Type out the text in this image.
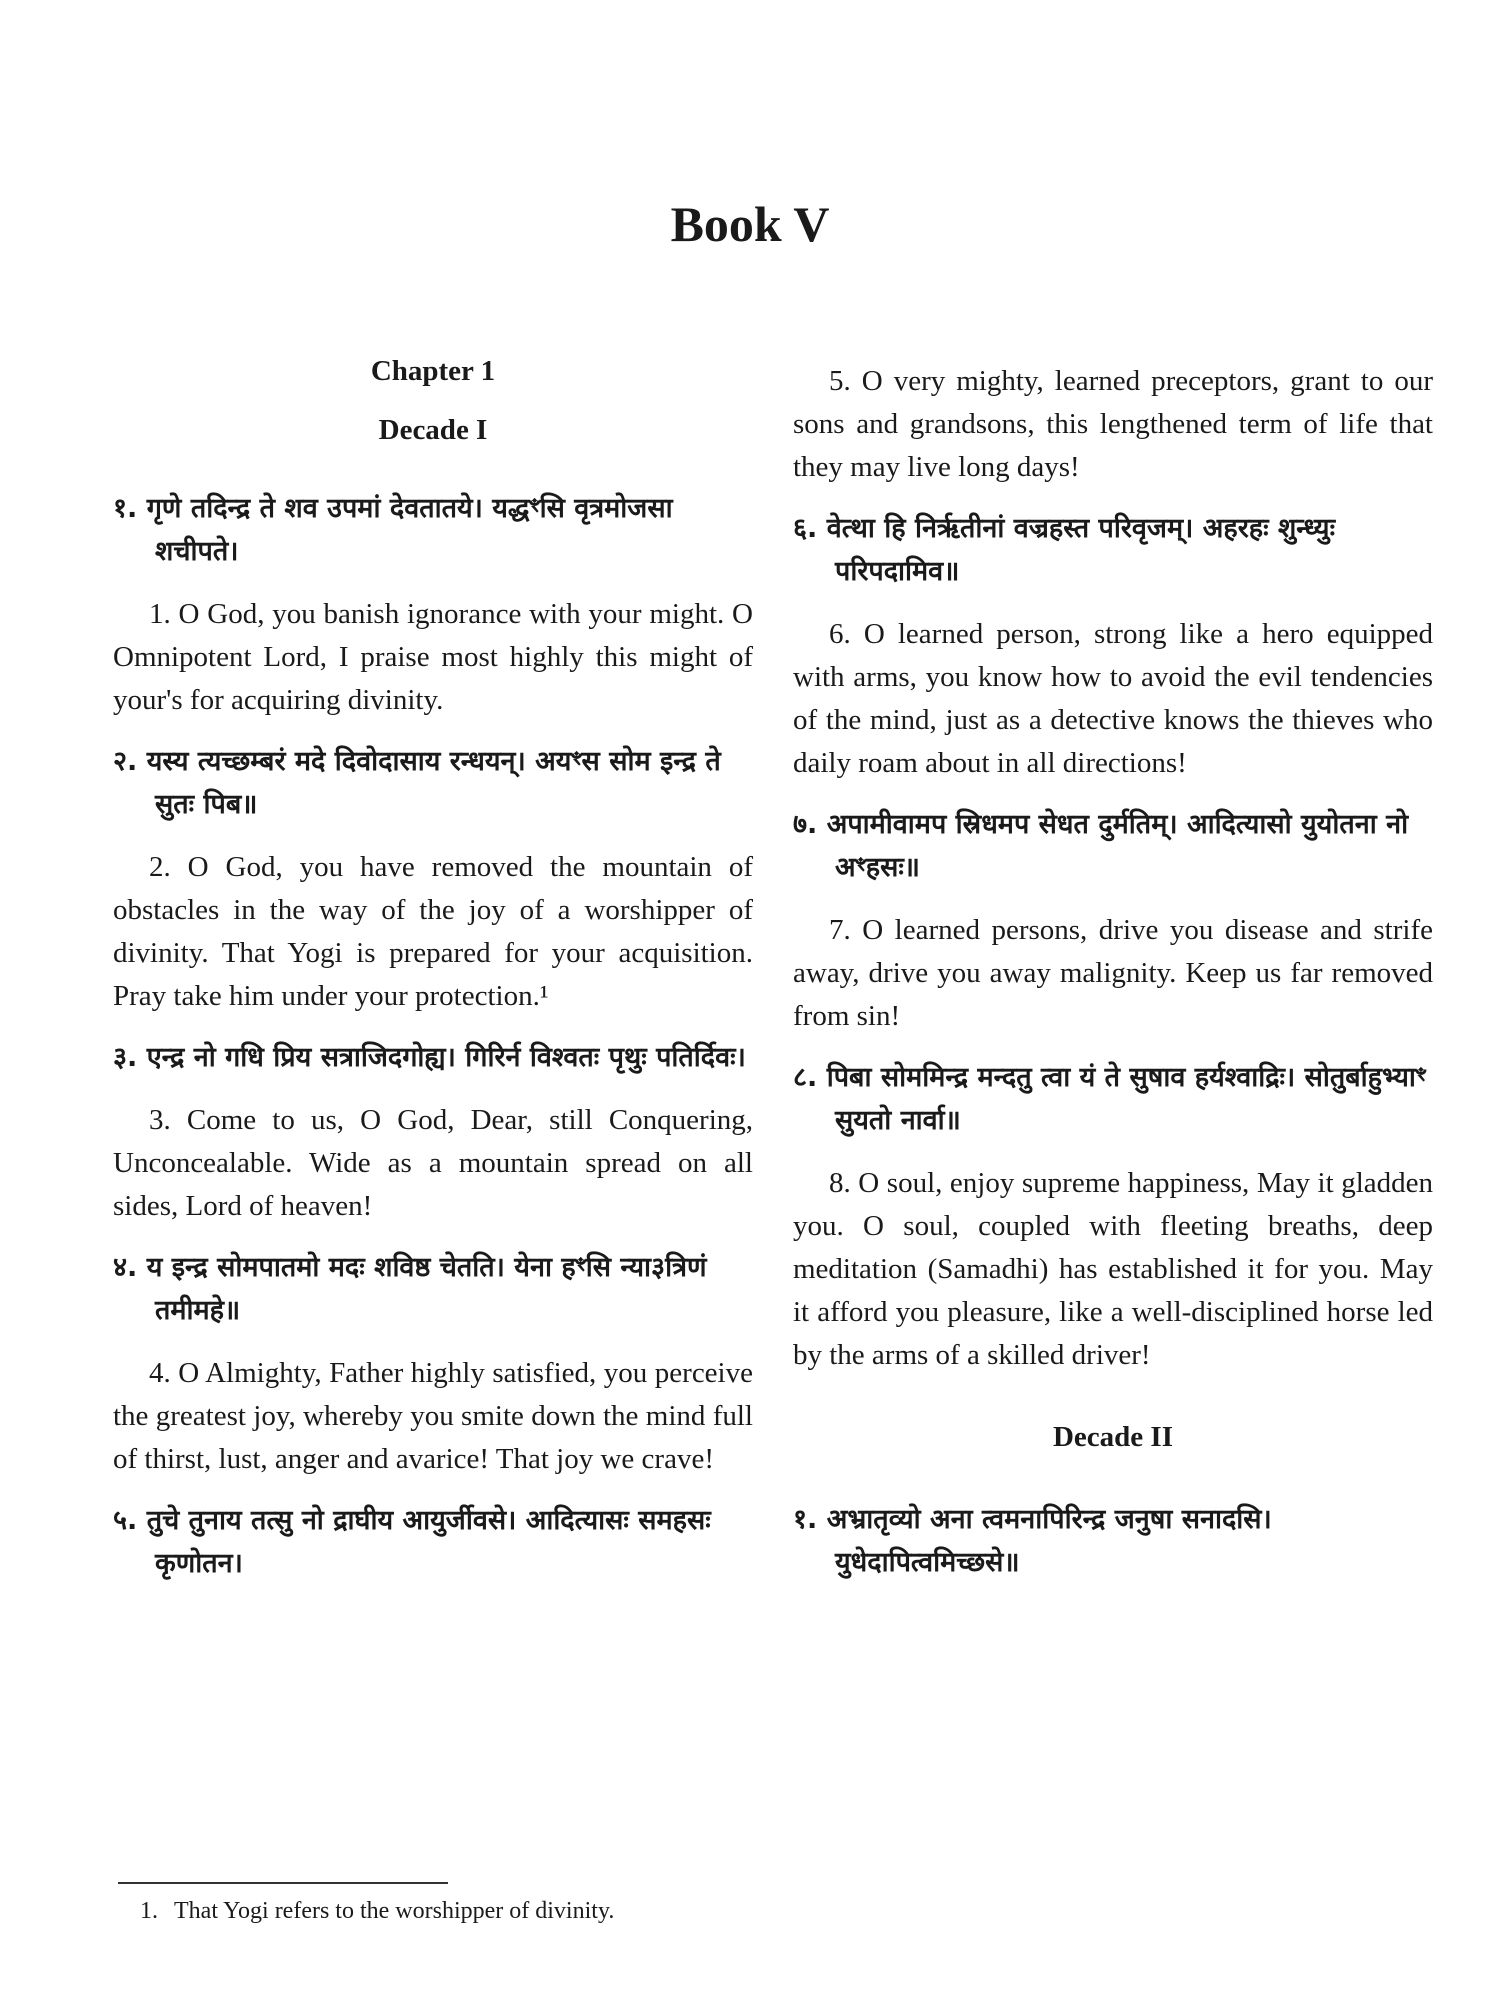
Book V
Chapter 1
Decade I

१. गृणे तदिन्द्र ते शव उपमां देवतातये। यद्धꣳसि वृत्रमोजसा शचीपते।

1. O God, you banish ignorance with your might. O Omnipotent Lord, I praise most highly this might of your's for acquiring divinity.

२. यस्य त्यच्छम्बरं मदे दिवोदासाय रन्धयन्। अयꣳस सोम इन्द्र ते सुतः पिब॥

2. O God, you have removed the mountain of obstacles in the way of the joy of a worshipper of divinity. That Yogi is prepared for your acquisition. Pray take him under your protection.¹

३. एन्द्र नो गधि प्रिय सत्राजिदगोह्य। गिरिर्न विश्वतः पृथुः पतिर्दिवः।

3. Come to us, O God, Dear, still Conquering, Unconcealable. Wide as a mountain spread on all sides, Lord of heaven!

४. य इन्द्र सोमपातमो मदः शविष्ठ चेतति। येना हꣳसि न्या३त्रिणं तमीमहे॥

4. O Almighty, Father highly satisfied, you perceive the greatest joy, whereby you smite down the mind full of thirst, lust, anger and avarice! That joy we crave!

५. तुचे तुनाय तत्सु नो द्राघीय आयुर्जीवसे। आदित्यासः समहसः कृणोतन।

5. O very mighty, learned preceptors, grant to our sons and grandsons, this lengthened term of life that they may live long days!

६. वेत्था हि निर्ऋतीनां वज्रहस्त परिवृजम्। अहरहः शुन्ध्युः परिपदामिव॥

6. O learned person, strong like a hero equipped with arms, you know how to avoid the evil tendencies of the mind, just as a detective knows the thieves who daily roam about in all directions!

७. अपामीवामप स्रिधमप सेधत दुर्मतिम्। आदित्यासो युयोतना नो अꣳहसः॥

7. O learned persons, drive you disease and strife away, drive you away malignity. Keep us far removed from sin!

८. पिबा सोममिन्द्र मन्दतु त्वा यं ते सुषाव हर्यश्वाद्रिः। सोतुर्बाहुभ्याꣳ सुयतो नार्वा॥

8. O soul, enjoy supreme happiness, May it gladden you. O soul, coupled with fleeting breaths, deep meditation (Samadhi) has established it for you. May it afford you pleasure, like a well-disciplined horse led by the arms of a skilled driver!

Decade II

१. अभ्रातृव्यो अना त्वमनापिरिन्द्र जनुषा सनादसि। युधेदापित्वमिच्छसे॥

1. That Yogi refers to the worshipper of divinity.
